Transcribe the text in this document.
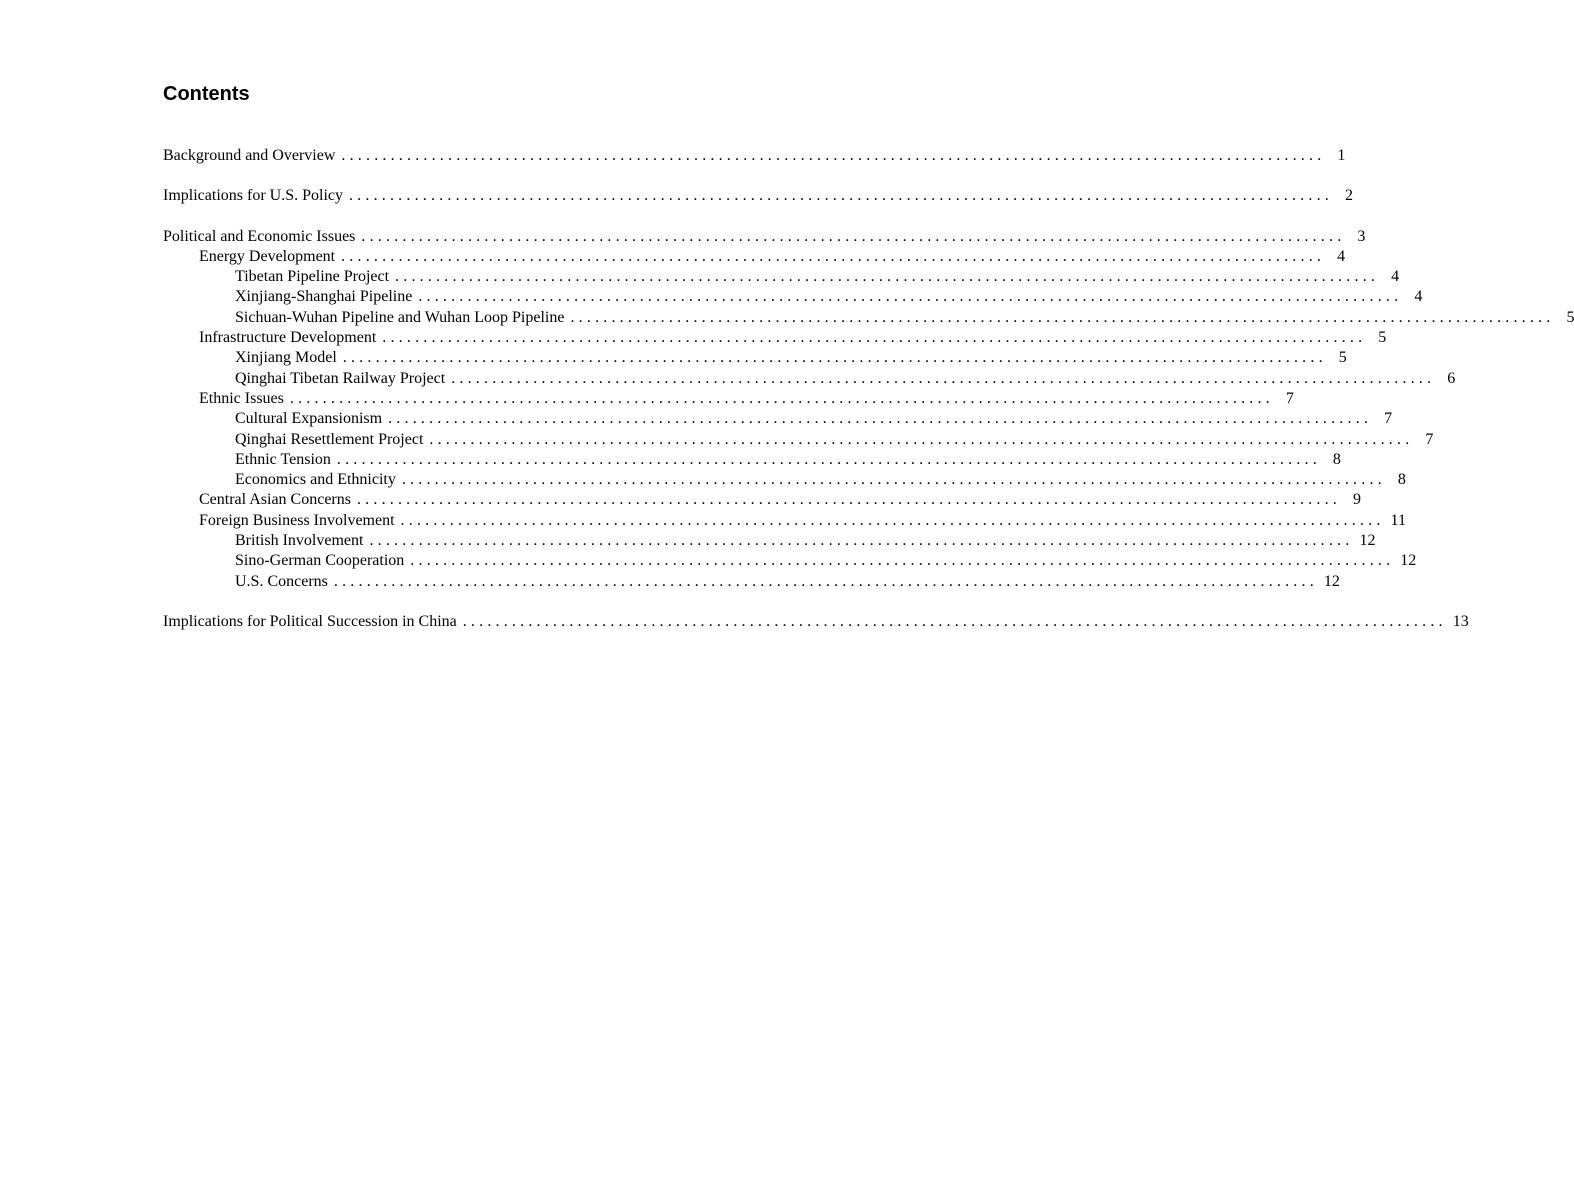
Contents
Background and Overview ........................................................................................................................ 1
Implications for U.S. Policy ........................................................................................................................ 2
Political and Economic Issues ........................................................................................................................ 3
Energy Development ........................................................................................................................ 4
Tibetan Pipeline Project ........................................................................................................................ 4
Xinjiang-Shanghai Pipeline ........................................................................................................................ 4
Sichuan-Wuhan Pipeline and Wuhan Loop Pipeline ........................................................................................................................ 5
Infrastructure Development ........................................................................................................................ 5
Xinjiang Model ........................................................................................................................ 5
Qinghai Tibetan Railway Project ........................................................................................................................ 6
Ethnic Issues ........................................................................................................................ 7
Cultural Expansionism ........................................................................................................................ 7
Qinghai Resettlement Project ........................................................................................................................ 7
Ethnic Tension ........................................................................................................................ 8
Economics and Ethnicity ........................................................................................................................ 8
Central Asian Concerns ........................................................................................................................ 9
Foreign Business Involvement ........................................................................................................................ 11
British Involvement ........................................................................................................................ 12
Sino-German Cooperation ........................................................................................................................ 12
U.S. Concerns ........................................................................................................................ 12
Implications for Political Succession in China ........................................................................................................................ 13
